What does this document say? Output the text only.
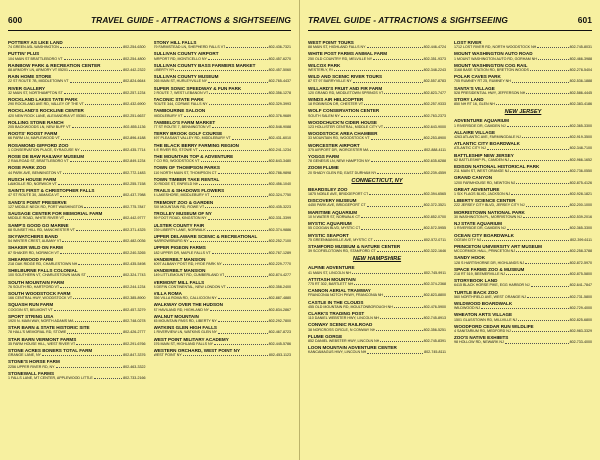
600	TRAVEL GUIDE - ATTRACTIONS & SIGHTSEEING
POTTERY AS LIKE LAND
74 GREEN ASL WASHINGTON	802-254-6300
PUTTIN' PLUS
104 MAIN ST BRATTLEBORO VT	802-254-4800
RAINBOW PARK & RECREATION CENTER
88 ARMORY LN, ARMORY VT 05201	802-442-2322
RAIN HOME STORE
22 ST ROUTE 7B, MIDDLETOWN VT	802-824-6644
RIVER GALLERY
32 MAIN ST, NORTHAMPTON ST	802-257-1234
ROCKLAND LAKES TATE PARK
290 ROCKLAND AVE RD, VALLEY OF THE VT	802-432-6900
ROCKLAND'S ROCKLINE CENTER
420 NEW ROCK LANE, ALEXANDRIA VT 05361	802-251-6637
ROLLING STONE RANCH
205 BACKWOODS LN, NEW BUFF VT	802-855-1136
ROOTS' ROOST FARM
66 FARM LN, MAPLEWOOD VT	802-896-4188
ROSAMOND GIFFORD ZOO
1 CONSERVATION PLACE, SYRACUSE NY	802-435-7714
ROSE DE BAW RAILWAY MUSEUM
2 RAILROAD ST, BRATTLEBORO VT	802-849-1234
ROSE PARK ZOO
44 PARK AVE, BENNINGTON VT	802-772-1483
RUSCH HOUSE FARM
LAMOILLE RD, NORWICH VT	802-255-7158
SAINTS FIRST & CHRISTOPHER FALLS
47 ST ROUTE 30, JAMAICA VT	802-437-7988
SAND'S POINT PRESERVE
127 MIDDLE NECK RD, PORT WASHINGTON	802-775-7847
SAUSAGE CENTER FOR MEMORIAL FARM
MIDDLE ROAD, WHITE RIVER VT	802-442-9777
SAMP'S GOOD GO MARINE
68 SUNSET HILL RD, MANCHESTER VT	802-371-4325
SKYWATCHERS BAND
54 WINTER CREST, ALBANY VT	802-482-0036
SHAKER WILD ON FARM
87 SHAKER RD, NORWICH VT	802-240-3265
SHEARWOOD FARM
218 OAK RIDGE RD, CHARLESTOWN NH	802-435-5498
SHELBURNE FALLS COLONIAL
100 SOUTHERN VT, CHARLESTOWN MAIN ST	802-324-7743
SOUTH MOUNTAIN FARM
76 SOUTH RD, HARTFORD VT	802-244-1234
SOUTH WOODSTOCK FARM
166 CENTRAL HWY, WOODSTOCK VT	802-385-8900
SQUASH RUN FARM
COGGIN ST, BELMONT VT	802-457-3279
SPORT STRING USA
1920 N. MAIN WAY, NORTH ADAMS MA	802-748-0278
STAR BARN & STATE HISTORIC SITE
78 HALL'S MEMORIAL RD, STOWE	802-426-2777
STAR BARN VERMONT FARMS
35 FARM HOUSE HILL, WEST RIVER VT	802-291-6766
STONE ACRES BONERS TOTAL FARM
GRANGE LANE, NY	802-847-3376
STONE'S HORSE FARM
2256 UPPER RIVER RD, NY	802-463-3322
STONEWALL FARMS
1 FALLS LANE, MT CENTER, APPLEWOOD LITTLE	802-733-2166
STONY HILL FALLS
79 FARMSTEAD LN, SHEPHERD FALLS VT	802-436-7321
SULLIVAN COUNTY AIRPORT
AIRPORT RD, MONTICELLO NY	802-457-6270
SULLIVAN COUNTY BASS FARMERS MARKET
LIBERTY NY	802-457-5060
SULLIVAN COUNTY MUSEUM
265 MAIN ST, HURLEYVILLE NY	802-765-4437
SUPER SONIC SPEEDWAY & FUN PARK
2 ROUTE 7, WEST LEBANON VT	802-356-1278
TACONIC STATE PARK
ROUTE 344, COPAKE FALLS NY	802-329-3993
TAMBOURINE SALOON
MIDDLEBURY VT	802-376-9689
TAMBELO'S FARM MARKET
77 ST ROUTE 7, BENNINGTON VT	802-548-9088
TERRY BROOK GOLF COURSE
497 PLEASANT VALLEY RD, MIDDLEBURY VT	802-431-6010
THE BLACK BERRY FARMING REGION
4 E RIVER RD, STOWE VT	802-241-1234
THE MOUNTAIN TOP & ADVENTURE
7 CO RD, WOODSTOCK VT	802-643-3480
TOWN OF THOMPSON PARKS
110 NORTH MAIN ST, THOMPSON CT	802-786-9898
TOWN TIMBER TAKE RENTAL
20 RIDGE ST, ENFIELD NH	802-456-1040
TRAILS & SHADOWS FLOWERS
4 LAKESHORE, MIDDLEBURY VT	802-324-7750
TREMONT ZOO & GARDEN
SIX MOUNTAIN RD, ROWE VT	802-435-3223
TROLLEY MUSEUM OF NY
89 FOOT ROAD, KINGSTON NY	802-331-3399
ULSTER COUNTY FAIR
239 LIBERTY LANE, NORWALK	802-374-9886
UPPER DELAWARE SCENIC & RECREATIONAL
NARROWSBURG NY	802-252-7100
UPPER PIGEON FARMS
182 UPPER DR, MAPLE FALLS VT	802-767-1289
VANDERBILT MANSION
4097 ALBANY POST RD, HYDE PARK NY	802-229-7770
VANDERBILT MANSION
149 LITTLEMOUNT RD, CUMBERLAND VT	802-874-4277
VERMONT MILL FALLS
8 DEFIN CONTINENTAL, NEW LONDON VT	802-358-2400
VILLA ROMA
356 VILLA ROMA RD, CALLICOON NY	802-887-4880
WALKWAY OVER THE HUDSON
87 HAVILAND RD, HIGHLAND NY	802-834-2867
WALNUT MOUNTAIN
45 MOUNTAIN PASS RD, LIBERTY NY	802-292-7800
WATKINS GLEN HIGH FALLS
1 RIVERVIEW LN, WATKINS GLEN NY	802-467-8723
WEST POINT MILITARY ACADEMY
676 MAIN ST, HIGHLAND FALLS NY	802-445-5786
WESTERN ORCHARD, WEST POINT NY
WEST POINT NY	802-453-1123
TRAVEL GUIDE - ATTRACTIONS & SIGHTSEEING	601
WEST POINT TOURS
88 MAIN ST, HIGHLAND FALLS NY	802-446-4724
WHITE POST FARMS ANIMAL FARM
250 OLD COUNTRY RD, MELVILLE NY	802-351-9373
WILCOX PARK
WESTERLY, RI	802-348-2243
WILD AND SCENIC RIVER TOURS
87 ST 97 BARRYVILLE NY	802-557-8783
WILLARD'S FRUIT AND FIR FARM
120 GRAND RD, MIDDLETOWN SPRINGS VT	802-823-7477
WINDS AIR HELICOPTER
18 ROBINSON DR, CHESTER VT	802-257-9333
WOLF CONSERVATION CENTER
SOUTH SALEM NY	802-763-2373
WOODCHUCK'N CIDER HOUSE
123 HOLLISTER CENTRAL, MIDDLE CITY VT	802-643-9000
WOODSTOCK AREA CHAMBER
33 MOUNTAIN RD, WOODSTOCK VT	802-253-8900
WORCESTER AIRPORT
375 AIRPORT DR, WORCESTER MA	802-888-4111
YOGGS FARM
78 GENESIS LN, NEW HAMPTON NY	802-635-6288
ZOOM FLUME
20 SHADY GLEN RD, EAST DURHAM NY	802-239-4559
CONNECTICUT, NY
BEARDSLEY ZOO
1875 NOBLE AVE, BRIDGEPORT CT	802-394-6565
DISCOVERY MUSEUM
4450 PARK AVE, BRIDGEPORT CT	802-372-3521
MARITIME AQUARIUM
10 N WATER ST, NORWALK CT	802-852-0700
MYSTIC AQUARIUM
55 COOGAN BLVD, MYSTIC CT	802-572-5955
MYSTIC SEAPORT
75 GREENMANVILLE AVE, MYSTIC CT	802-572-0711
STAMFORD MUSEUM & NATURE CENTER
39 SCOFIELDTOWN RD, STAMFORD CT	802-322-1646
NEW HAMPSHIRE
ALPINE ADVENTURE
41 MAIN ST, LINCOLN NH	802-745-9911
ATTITASH MOUNTAIN
775 RT 302, BARTLETT NH	802-374-2368
CANNON AERIAL TRAMWAY
FRANCONIA NOTCH PKWY, FRANCONIA NH	802-823-8800
CASTLE IN THE CLOUDS
455 OLD MOUNTAIN RD, MOULTONBOROUGH NH	802-476-5900
CLARK'S TRADING POST
110 DANIEL WEBSTER HWY, LINCOLN NH	802-745-8913
CONWAY SCENIC RAILROAD
38 NORCROSS CIRCLE, N CONWAY NH	802-356-5251
FLUME GORGE
852 DANIEL WEBSTER HWY, LINCOLN NH	802-745-8391
LOON MOUNTAIN ADVENTURE CENTER
KANCAMAGUS HWY, LINCOLN NH	802-745-8111
LOST RIVER
1712 LOST RIVER RD, NORTH WOODSTOCK NH	802-745-8031
MOUNT WASHINGTON AUTO ROAD
1 MOUNT WASHINGTON AUTO RD, GORHAM NH	802-466-3988
MOUNT WASHINGTON COG RAIL
3168 BASE STATION RD, BRETTON WOODS	802-278-5404
POLAR CAVES PARK
705 RUMNEY RT 25, RUMNEY NH	802-536-1888
SANTA'S VILLAGE
528 PRESIDENTIAL HWY, JEFFERSON NH	802-586-4445
STORY LAND
850 NH RT 16, GLEN NH	802-383-4186
NEW JERSEY
ADVENTURE AQUARIUM
1 RIVERSIDE DR, CAMDEN NJ	802-365-3300
ALLAIRE VILLAGE
4263 ATLANTIC AVE, FARMINGDALE NJ	802-919-3500
ATLANTIC CITY BOARDWALK
ATLANTIC CITY NJ	802-348-7100
BATTLESHIP NEW JERSEY
62 BATTLESHIP PL, CAMDEN NJ	802-966-1652
EDISON NATIONAL HISTORICAL PARK
211 MAIN ST, WEST ORANGE NJ	802-736-0550
GRAND CANYON
1200 FARMHOUSE RD, NEWTON NJ	802-875-4126
GREAT ADVENTURE
1 SIX FLAGS BLVD, JACKSON NJ	802-928-1821
LIBERTY SCIENCE CENTER
222 JERSEY CITY BLVD, JERSEY CITY NJ	802-200-1000
MORRISTOWN NATIONAL PARK
30 WASHINGTON PL, MORRISTOWN NJ	802-539-2016
NJ STATE AQUARIUM
1 RIVERSIDE DR, CAMDEN NJ	802-365-3300
OCEAN CITY BOARDWALK
OCEAN CITY NJ	802-399-6111
PRINCETON UNIVERSITY ART MUSEUM
MCCORMICK HALL, PRINCETON NJ	802-258-3788
SANDY HOOK
128 S HARTSHORNE DR, HIGHLANDS NJ	802-872-5970
SPACE FARMS ZOO & MUSEUM
218 RT 519, BEEMERVILLE NJ	802-875-5800
STORYBOOK LAND
6415 BLACK HORSE PIKE, EGG HARBOR NJ	802-641-7847
TURTLE BACK ZOO
560 NORTHFIELD AVE, WEST ORANGE NJ	802-731-5800
WILDWOOD BOARDWALK
WILDWOOD NJ	802-729-4000
WHEATON ARTS VILLAGE
1501 GLASSTOWN RD, MILLVILLE NJ	802-825-6800
WOODFORD CEDAR RUN WILDLIFE
4 SANITARIUM RD, MEDFORD NJ	802-983-3329
ZOO'S NATIVE EXHIBITS
98 HOLLOW RD, NEWARK NJ	802-733-4000
